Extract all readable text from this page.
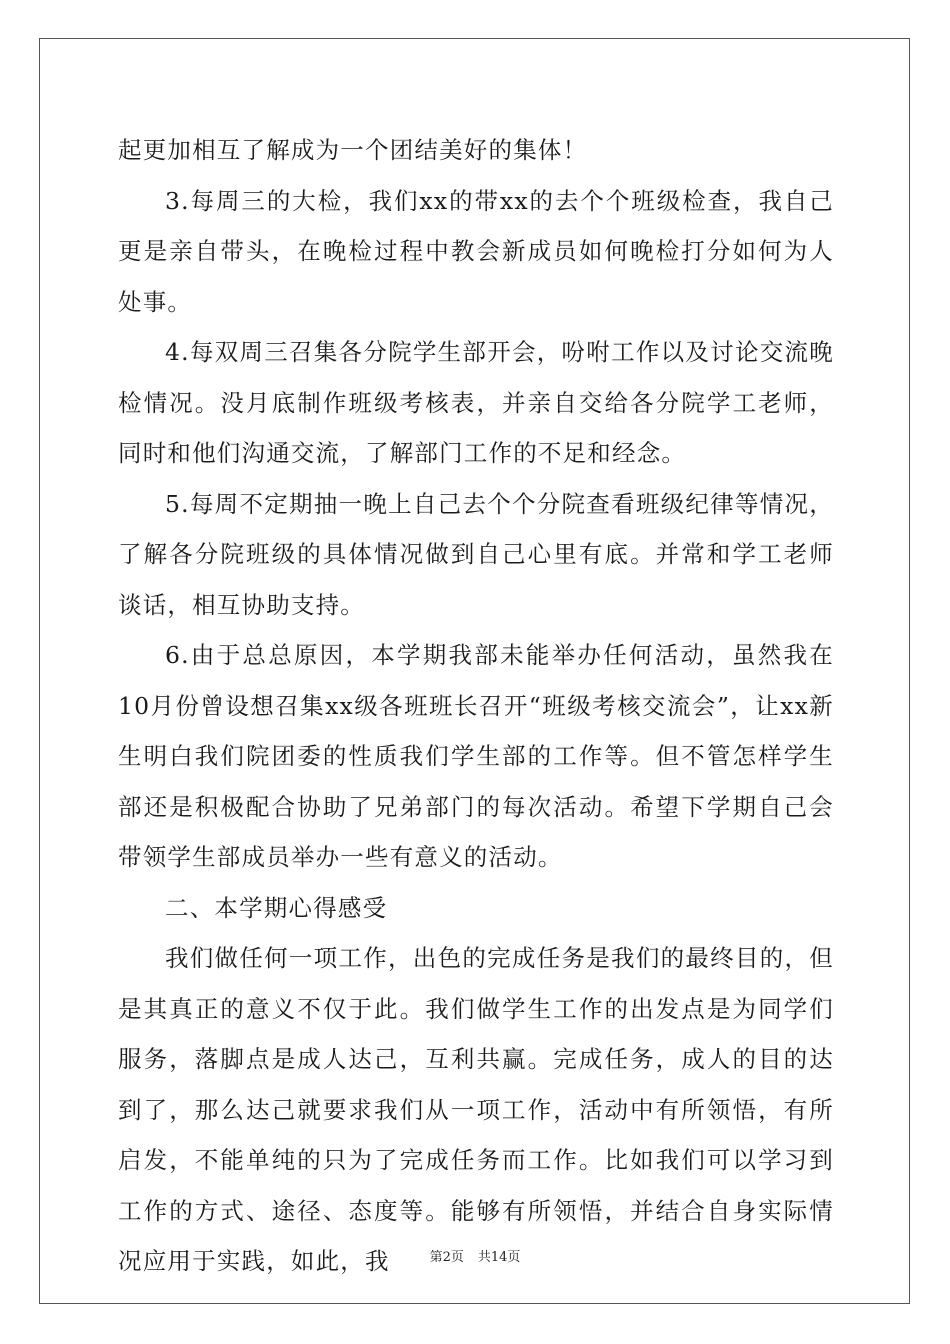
起更加相互了解成为一个团结美好的集体！

3.每周三的大检，我们xx的带xx的去个个班级检查，我自己更是亲自带头，在晚检过程中教会新成员如何晚检打分如何为人处事。

4.每双周三召集各分院学生部开会，吩咐工作以及讨论交流晚检情况。没月底制作班级考核表，并亲自交给各分院学工老师，同时和他们沟通交流，了解部门工作的不足和经念。

5.每周不定期抽一晚上自己去个个分院查看班级纪律等情况，了解各分院班级的具体情况做到自己心里有底。并常和学工老师谈话，相互协助支持。

6.由于总总原因，本学期我部未能举办任何活动，虽然我在10月份曾设想召集xx级各班班长召开“班级考核交流会”，让xx新生明白我们院团委的性质我们学生部的工作等。但不管怎样学生部还是积极配合协助了兄弟部门的每次活动。希望下学期自己会带领学生部成员举办一些有意义的活动。

二、本学期心得感受

我们做任何一项工作，出色的完成任务是我们的最终目的，但是其真正的意义不仅于此。我们做学生工作的出发点是为同学们服务，落脚点是成人达己，互利共赢。完成任务，成人的目的达到了，那么达己就要求我们从一项工作，活动中有所领悟，有所启发，不能单纯的只为了完成任务而工作。比如我们可以学习到工作的方式、途径、态度等。能够有所领悟，并结合自身实际情况应用于实践，如此，我	第2页 共14页
